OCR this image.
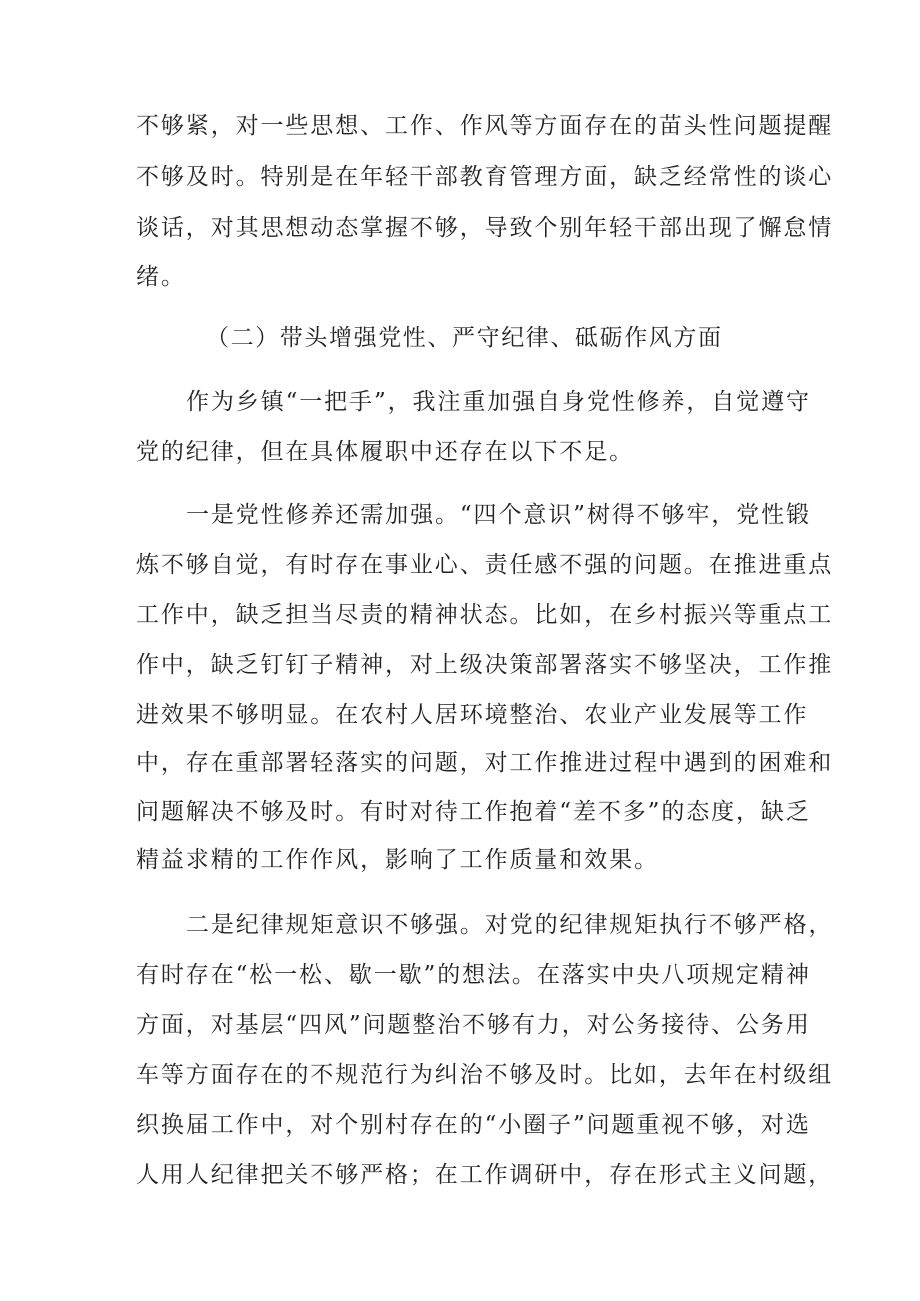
不够紧，对一些思想、工作、作风等方面存在的苗头性问题提醒
不够及时。特别是在年轻干部教育管理方面，缺乏经常性的谈心
谈话，对其思想动态掌握不够，导致个别年轻干部出现了懈怠情
绪。
（二）带头增强党性、严守纪律、砥砺作风方面
作为乡镇“一把手”，我注重加强自身党性修养，自觉遵守
党的纪律，但在具体履职中还存在以下不足。
一是党性修养还需加强。“四个意识”树得不够牢，党性锻
炼不够自觉，有时存在事业心、责任感不强的问题。在推进重点
工作中，缺乏担当尽责的精神状态。比如，在乡村振兴等重点工
作中，缺乏钉钉子精神，对上级决策部署落实不够坚决，工作推
进效果不够明显。在农村人居环境整治、农业产业发展等工作
中，存在重部署轻落实的问题，对工作推进过程中遇到的困难和
问题解决不够及时。有时对待工作抱着“差不多”的态度，缺乏
精益求精的工作作风，影响了工作质量和效果。
二是纪律规矩意识不够强。对党的纪律规矩执行不够严格，
有时存在“松一松、歇一歇”的想法。在落实中央八项规定精神
方面，对基层“四风”问题整治不够有力，对公务接待、公务用
车等方面存在的不规范行为纠治不够及时。比如，去年在村级组
织换届工作中，对个别村存在的“小圈子”问题重视不够，对选
人用人纪律把关不够严格；在工作调研中，存在形式主义问题，
